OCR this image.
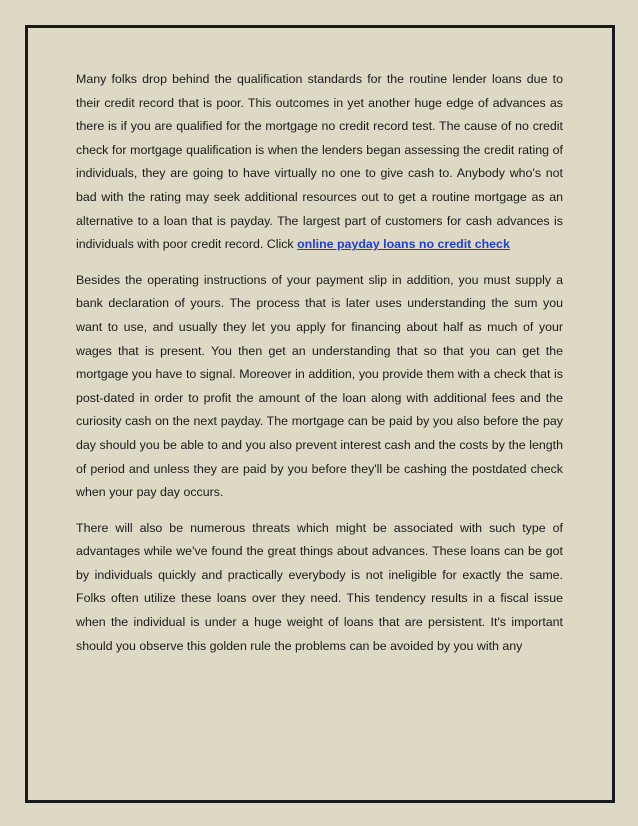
Many folks drop behind the qualification standards for the routine lender loans due to their credit record that is poor. This outcomes in yet another huge edge of advances as there is if you are qualified for the mortgage no credit record test. The cause of no credit check for mortgage qualification is when the lenders began assessing the credit rating of individuals, they are going to have virtually no one to give cash to. Anybody who's not bad with the rating may seek additional resources out to get a routine mortgage as an alternative to a loan that is payday. The largest part of customers for cash advances is individuals with poor credit record. Click online payday loans no credit check

Besides the operating instructions of your payment slip in addition, you must supply a bank declaration of yours. The process that is later uses understanding the sum you want to use, and usually they let you apply for financing about half as much of your wages that is present. You then get an understanding that so that you can get the mortgage you have to signal. Moreover in addition, you provide them with a check that is post-dated in order to profit the amount of the loan along with additional fees and the curiosity cash on the next payday. The mortgage can be paid by you also before the pay day should you be able to and you also prevent interest cash and the costs by the length of period and unless they are paid by you before they'll be cashing the postdated check when your pay day occurs.

There will also be numerous threats which might be associated with such type of advantages while we've found the great things about advances. These loans can be got by individuals quickly and practically everybody is not ineligible for exactly the same. Folks often utilize these loans over they need. This tendency results in a fiscal issue when the individual is under a huge weight of loans that are persistent. It's important should you observe this golden rule the problems can be avoided by you with any
